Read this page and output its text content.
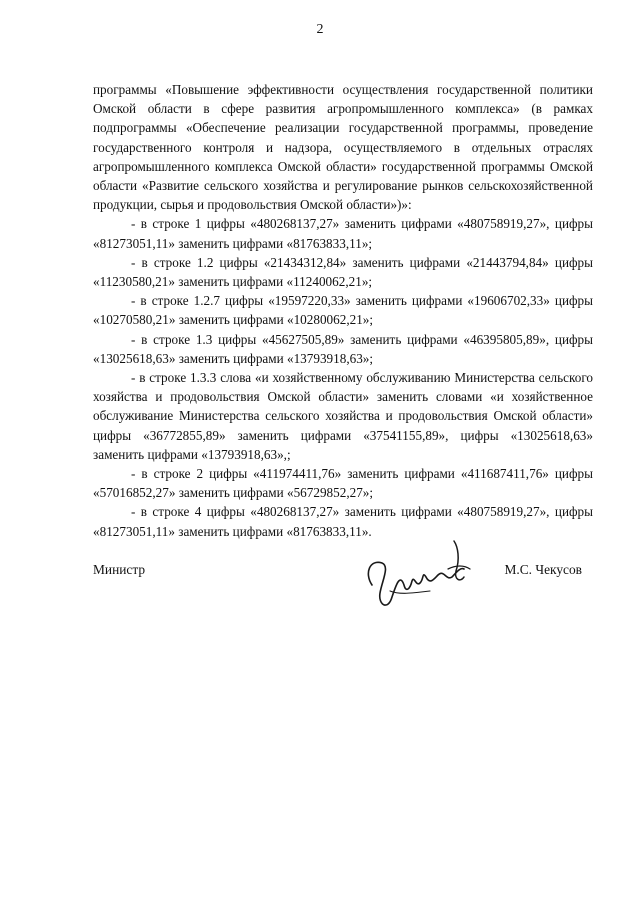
2

программы «Повышение эффективности осуществления государственной политики Омской области в сфере развития агропромышленного комплекса» (в рамках подпрограммы «Обеспечение реализации государственной программы, проведение государственного контроля и надзора, осуществляемого в отдельных отраслях агропромышленного комплекса Омской области» государственной программы Омской области «Развитие сельского хозяйства и регулирование рынков сельскохозяйственной продукции, сырья и продовольствия Омской области»)»:

- в строке 1 цифры «480268137,27» заменить цифрами «480758919,27», цифры «81273051,11» заменить цифрами «81763833,11»;

- в строке 1.2 цифры «21434312,84» заменить цифрами «21443794,84» цифры «11230580,21» заменить цифрами «11240062,21»;

- в строке 1.2.7 цифры «19597220,33» заменить цифрами «19606702,33» цифры «10270580,21» заменить цифрами «10280062,21»;

- в строке 1.3 цифры «45627505,89» заменить цифрами «46395805,89», цифры «13025618,63» заменить цифрами «13793918,63»;

- в строке 1.3.3 слова «и хозяйственному обслуживанию Министерства сельского хозяйства и продовольствия Омской области» заменить словами «и хозяйственное обслуживание Министерства сельского хозяйства и продовольствия Омской области» цифры «36772855,89» заменить цифрами «37541155,89», цифры «13025618,63» заменить цифрами «13793918,63»,;

- в строке 2 цифры «411974411,76» заменить цифрами «411687411,76» цифры «57016852,27» заменить цифрами «56729852,27»;

- в строке 4 цифры «480268137,27» заменить цифрами «480758919,27», цифры «81273051,11» заменить цифрами «81763833,11».

Министр	М.С. Чекусов
